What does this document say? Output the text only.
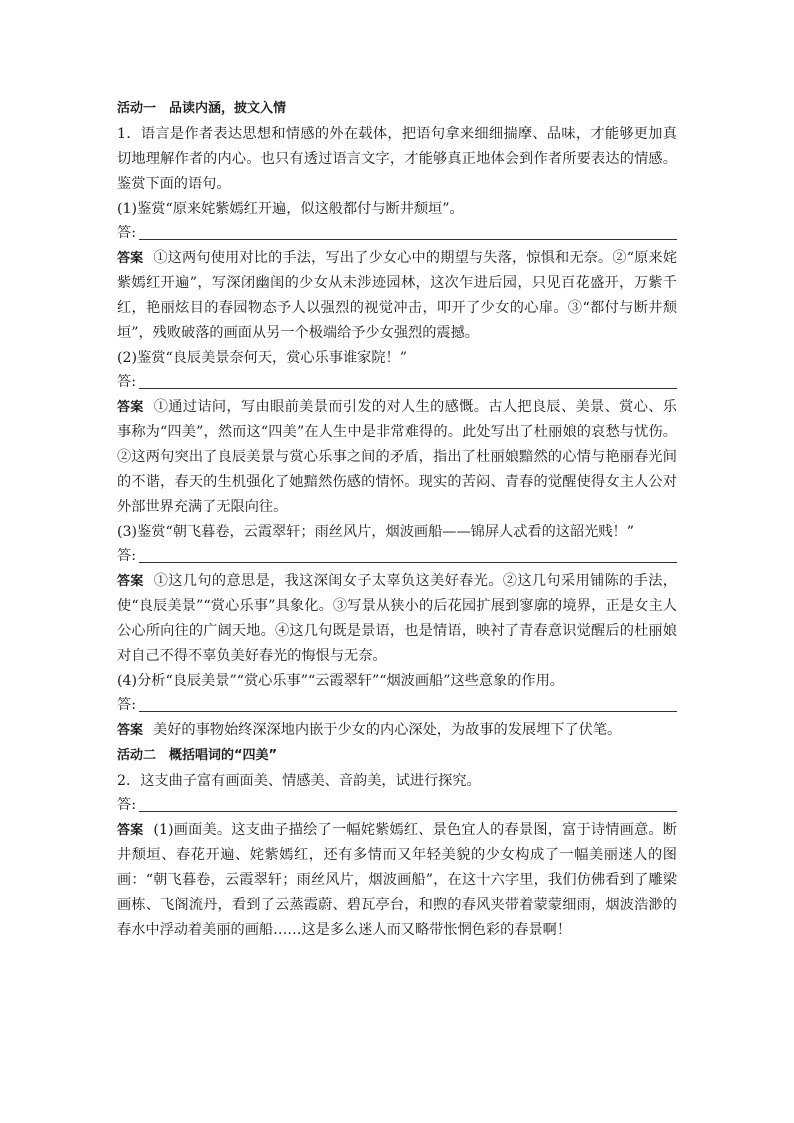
活动一　品读内涵，披文入情

1．语言是作者表达思想和情感的外在载体，把语句拿来细细揣摩、品味，才能够更加真切地理解作者的内心。也只有透过语言文字，才能够真正地体会到作者所要表达的情感。鉴赏下面的语句。

(1)鉴赏“原来姹紫嫣红开遍，似这般都付与断井颓垣”。
答:

答案 ①这两句使用对比的手法，写出了少女心中的期望与失落，惊惧和无奈。②“原来姹紫嫣红开遍”，写深闭幽闺的少女从未涉迹园林，这次乍进后园，只见百花盛开，万紫千红，艳丽炫目的春园物态予人以强烈的视觉冲击，叩开了少女的心扉。③“都付与断井颓垣”，残败破落的画面从另一个极端给予少女强烈的震撼。

(2)鉴赏“良辰美景奈何天，赏心乐事谁家院！”
答:

答案 ①通过诘问，写由眼前美景而引发的对人生的感慨。古人把良辰、美景、赏心、乐事称为“四美”，然而这“四美”在人生中是非常难得的。此处写出了杜丽娘的哀愁与忧伤。②这两句突出了良辰美景与赏心乐事之间的矛盾，指出了杜丽娘黯然的心情与艳丽春光间的不谐，春天的生机强化了她黯然伤感的情怀。现实的苦闷、青春的觉醒使得女主人公对外部世界充满了无限向往。

(3)鉴赏“朝飞暮卷，云霞翠轩；雨丝风片，烟波画船——锦屏人忒看的这韶光贱！”
答:

答案 ①这几句的意思是，我这深闺女子太辜负这美好春光。②这几句采用铺陈的手法，使“良辰美景”“赏心乐事”具象化。③写景从狭小的后花园扩展到寥廓的境界，正是女主人公心所向往的广阔天地。④这几句既是景语，也是情语，映衬了青春意识觉醒后的杜丽娘对自己不得不辜负美好春光的悔恨与无奈。

(4)分析“良辰美景”“赏心乐事”“云霞翠轩”“烟波画船”这些意象的作用。
答:

答案 美好的事物始终深深地内嵌于少女的内心深处，为故事的发展埋下了伏笔。

活动二　概括唱词的“四美”
2．这支曲子富有画面美、情感美、音韵美，试进行探究。
答:

答案 (1)画面美。这支曲子描绘了一幅姹紫嫣红、景色宜人的春景图，富于诗情画意。断井颓垣、春花开遍、姹紫嫣红，还有多情而又年轻美貌的少女构成了一幅美丽迷人的图画：“朝飞暮卷，云霞翠轩；雨丝风片，烟波画船”，在这十六字里，我们仿佛看到了雕梁画栋、飞阁流丹，看到了云蒸霞蔚、碧瓦亭台，和煦的春风夹带着蒙蒙细雨，烟波浩渺的春水中浮动着美丽的画船……这是多么迷人而又略带怅惘色彩的春景啊！
